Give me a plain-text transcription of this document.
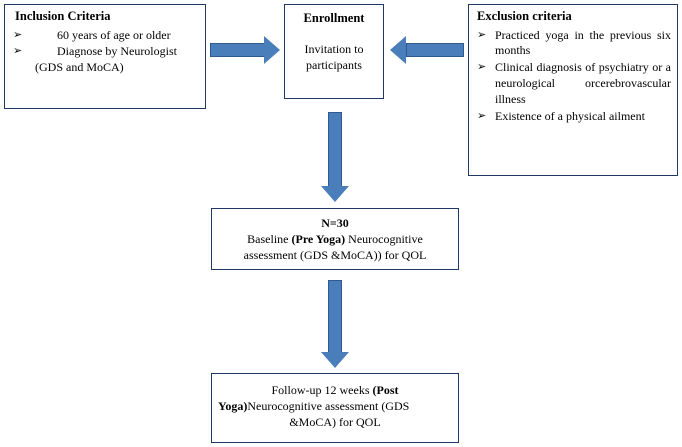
Inclusion Criteria
➢	60 years of age or older
➢	Diagnose by Neurologist
(GDS and MoCA)
Enrollment
Invitation to
participants
Exclusion criteria
➢ Practiced yoga in the previous six months
➢ Clinical diagnosis of psychiatry or a neurological orcerebrovascular illness
➢ Existence of a physical ailment
N=30
Baseline (Pre Yoga) Neurocognitive
assessment (GDS &MoCA)) for QOL
Follow-up 12 weeks (Post
Yoga)Neurocognitive assessment (GDS
&MoCA) for QOL
